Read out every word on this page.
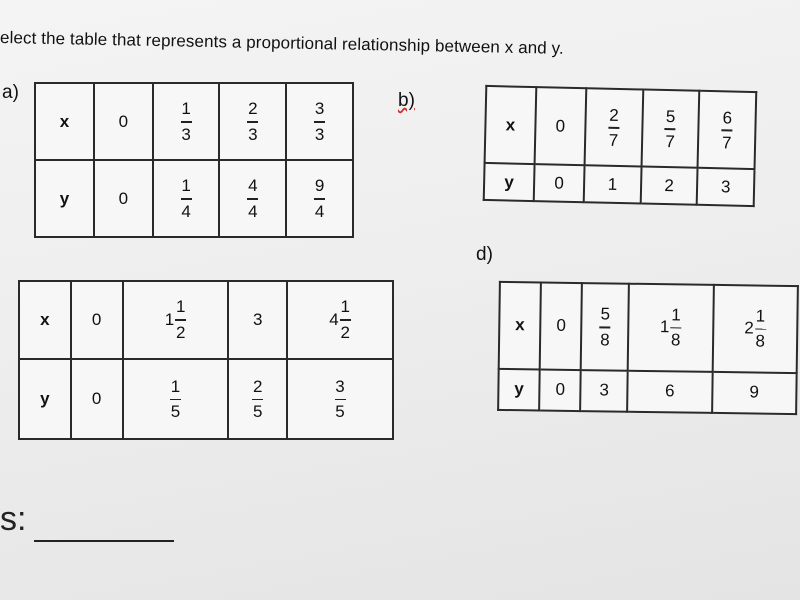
elect the table that represents a proportional relationship between x and y.
a)
x	0	$\frac{1}{3}$	$\frac{2}{3}$	$\frac{3}{3}$

y	0	$\frac{1}{4}$	$\frac{4}{4}$	$\frac{9}{4}$
b)
x	0	$\frac{2}{7}$	$\frac{5}{7}$	$\frac{6}{7}$

y	0	1	2	3
x	0	$1 \frac{1}{2}$	3	$4 \frac{1}{2}$

y	0	$\frac{1}{5}$	$\frac{2}{5}$	$\frac{3}{5}$
d)
x	0	$\frac{5}{8}$	$1 \frac{1}{8}$	$2 \frac{1}{8}$

y	0	3	6	9
s:
